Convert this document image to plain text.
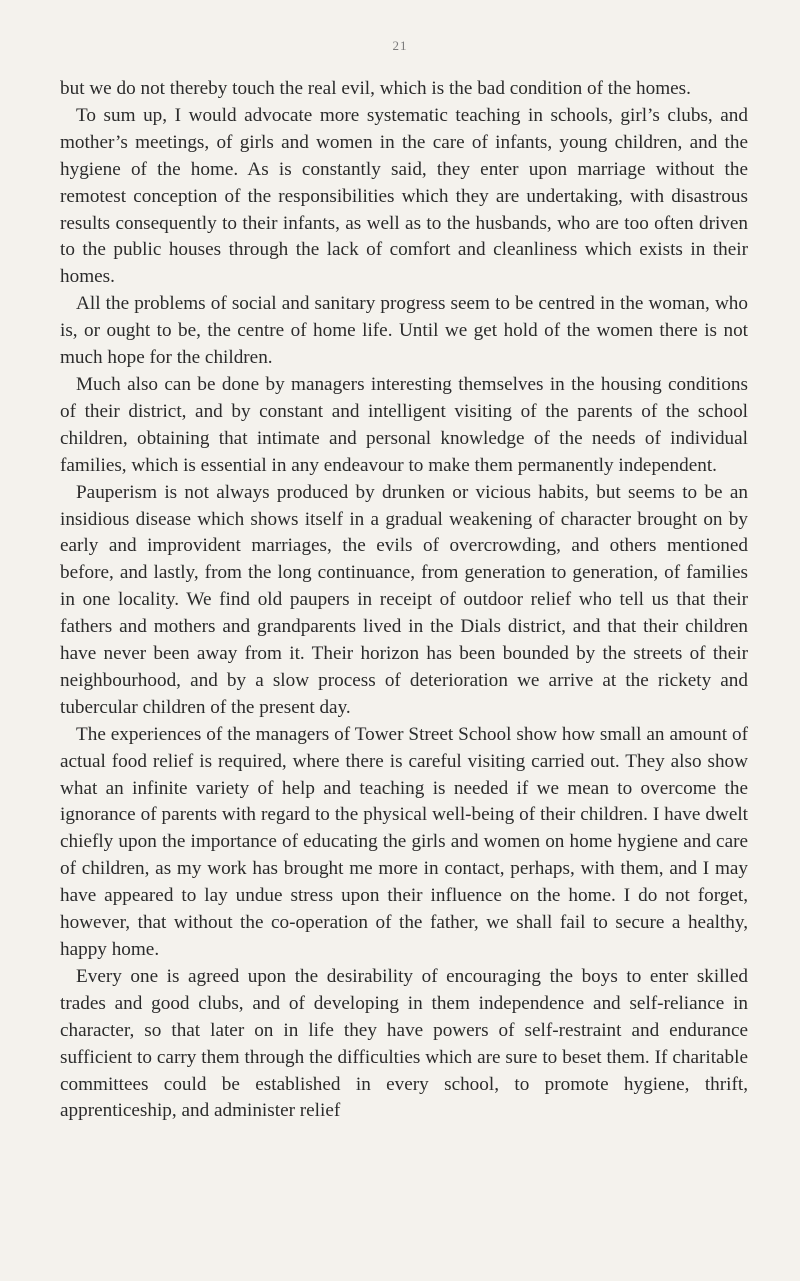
21

but we do not thereby touch the real evil, which is the bad condition of the homes.

To sum up, I would advocate more systematic teaching in schools, girl’s clubs, and mother’s meetings, of girls and women in the care of infants, young children, and the hygiene of the home. As is constantly said, they enter upon marriage without the remotest conception of the responsibilities which they are undertaking, with disastrous results consequently to their infants, as well as to the husbands, who are too often driven to the public houses through the lack of comfort and cleanliness which exists in their homes.

All the problems of social and sanitary progress seem to be centred in the woman, who is, or ought to be, the centre of home life. Until we get hold of the women there is not much hope for the children.

Much also can be done by managers interesting themselves in the housing conditions of their district, and by constant and intelligent visiting of the parents of the school children, obtaining that intimate and personal knowledge of the needs of individual families, which is essential in any endeavour to make them permanently independent.

Pauperism is not always produced by drunken or vicious habits, but seems to be an insidious disease which shows itself in a gradual weakening of character brought on by early and improvident marriages, the evils of overcrowding, and others mentioned before, and lastly, from the long continuance, from generation to generation, of families in one locality. We find old paupers in receipt of outdoor relief who tell us that their fathers and mothers and grandparents lived in the Dials district, and that their children have never been away from it. Their horizon has been bounded by the streets of their neighbourhood, and by a slow process of deterioration we arrive at the rickety and tubercular children of the present day.

The experiences of the managers of Tower Street School show how small an amount of actual food relief is required, where there is careful visiting carried out. They also show what an infinite variety of help and teaching is needed if we mean to overcome the ignorance of parents with regard to the physical well-being of their children. I have dwelt chiefly upon the importance of educating the girls and women on home hygiene and care of children, as my work has brought me more in contact, perhaps, with them, and I may have appeared to lay undue stress upon their influence on the home. I do not forget, however, that without the co-operation of the father, we shall fail to secure a healthy, happy home.

Every one is agreed upon the desirability of encouraging the boys to enter skilled trades and good clubs, and of developing in them independence and self-reliance in character, so that later on in life they have powers of self-restraint and endurance sufficient to carry them through the difficulties which are sure to beset them. If charitable committees could be established in every school, to promote hygiene, thrift, apprenticeship, and administer relief
